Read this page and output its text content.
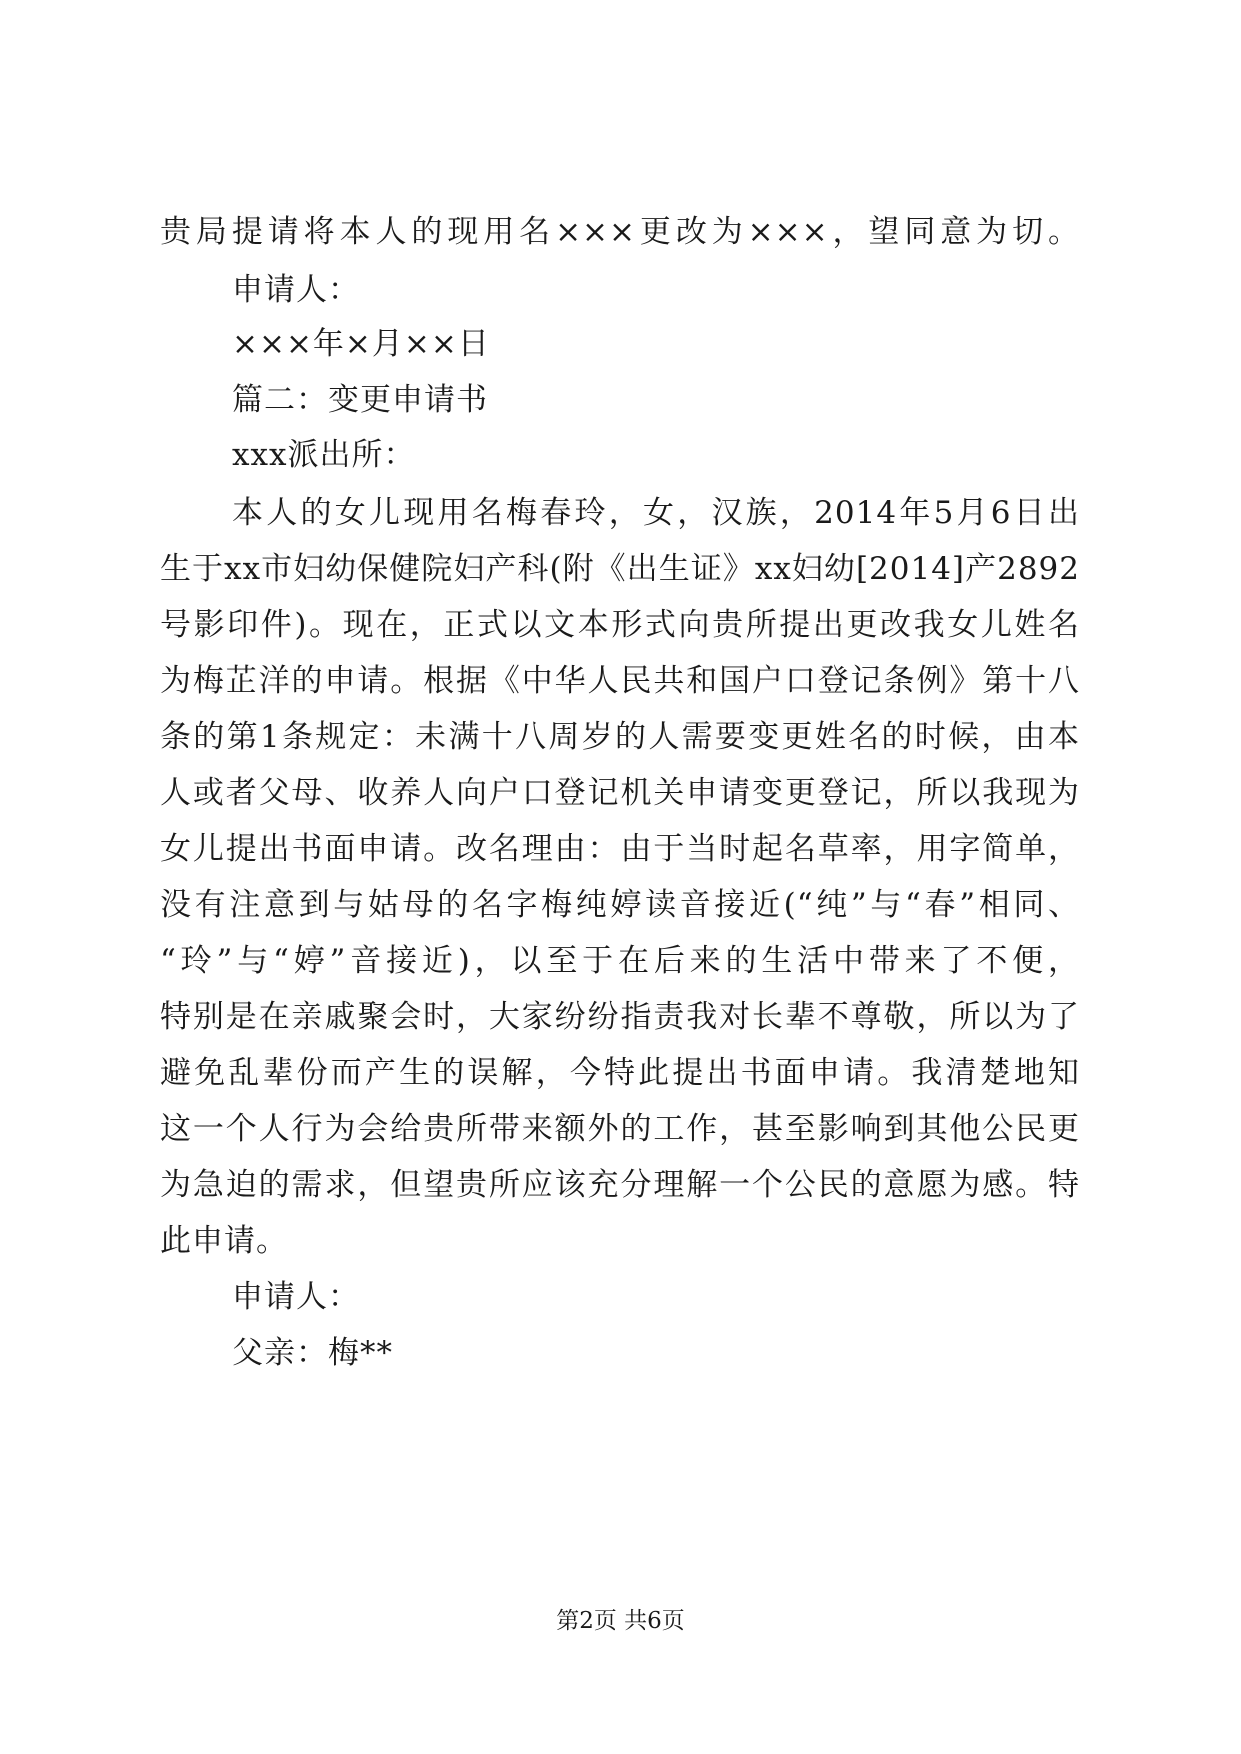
贵局提请将本人的现用名×××更改为×××，望同意为切。
申请人：
×××年×月××日
篇二：变更申请书
xxx派出所：
本人的女儿现用名梅春玲，女，汉族，2014年5月6日出
生于xx市妇幼保健院妇产科(附《出生证》xx妇幼[2014]产2892
号影印件)。现在，正式以文本形式向贵所提出更改我女儿姓名
为梅芷洋的申请。根据《中华人民共和国户口登记条例》第十八
条的第1条规定：未满十八周岁的人需要变更姓名的时候，由本
人或者父母、收养人向户口登记机关申请变更登记，所以我现为
女儿提出书面申请。改名理由：由于当时起名草率，用字简单，
没有注意到与姑母的名字梅纯婷读音接近(“纯”与“春”相同、
“玲”与“婷”音接近)，以至于在后来的生活中带来了不便，
特别是在亲戚聚会时，大家纷纷指责我对长辈不尊敬，所以为了
避免乱辈份而产生的误解，今特此提出书面申请。我清楚地知
这一个人行为会给贵所带来额外的工作，甚至影响到其他公民更
为急迫的需求，但望贵所应该充分理解一个公民的意愿为感。特
此申请。
申请人：
父亲：梅**
第2页 共6页
